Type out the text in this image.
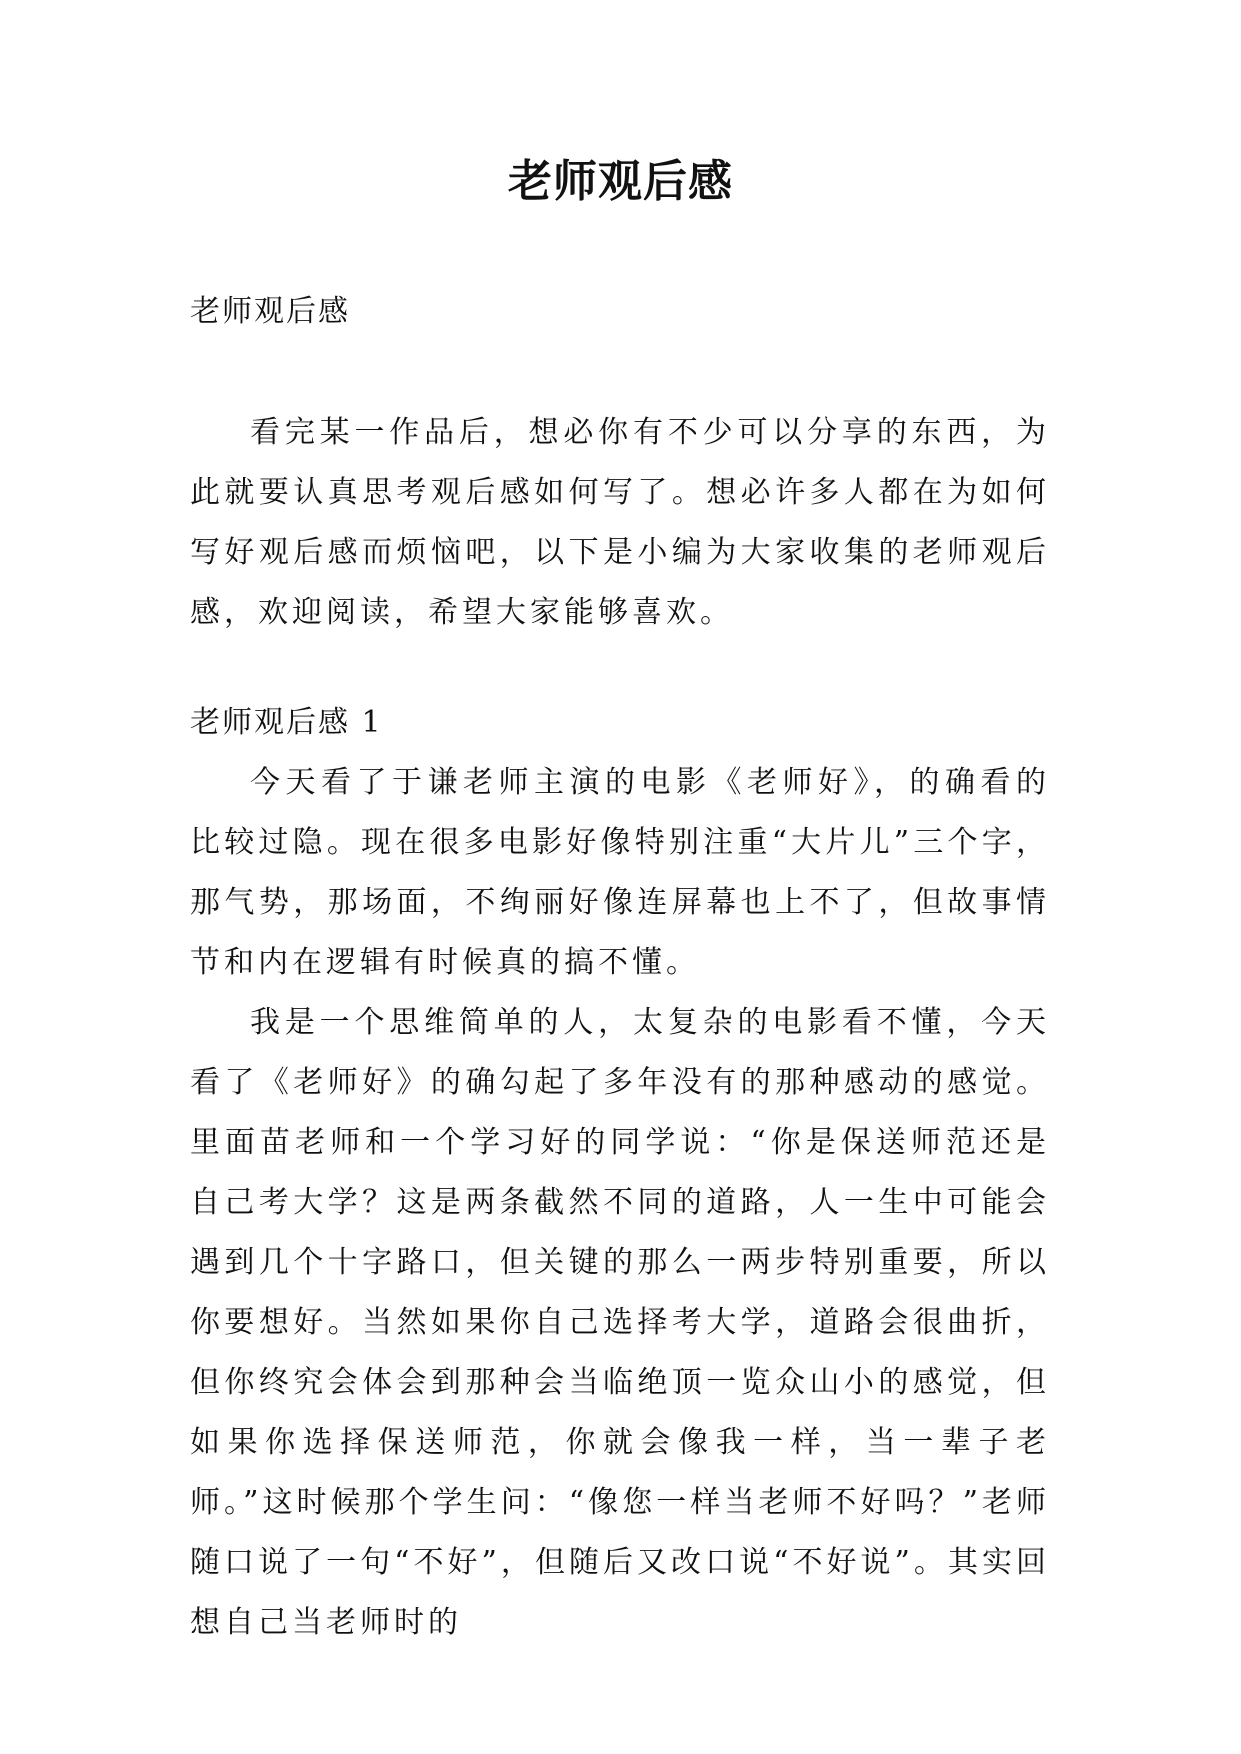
老师观后感
老师观后感

看完某一作品后，想必你有不少可以分享的东西，为此就要认真思考观后感如何写了。想必许多人都在为如何写好观后感而烦恼吧，以下是小编为大家收集的老师观后感，欢迎阅读，希望大家能够喜欢。

老师观后感 1

今天看了于谦老师主演的电影《老师好》，的确看的比较过隐。现在很多电影好像特别注重“大片儿”三个字，那气势，那场面，不绚丽好像连屏幕也上不了，但故事情节和内在逻辑有时候真的搞不懂。

我是一个思维简单的人，太复杂的电影看不懂，今天看了《老师好》的确勾起了多年没有的那种感动的感觉。里面苗老师和一个学习好的同学说：“你是保送师范还是自己考大学？这是两条截然不同的道路，人一生中可能会遇到几个十字路口，但关键的那么一两步特别重要，所以你要想好。当然如果你自己选择考大学，道路会很曲折，但你终究会体会到那种会当临绝顶一览众山小的感觉，但如果你选择保送师范，你就会像我一样，当一辈子老师。”这时候那个学生问：“像您一样当老师不好吗？”老师随口说了一句“不好”，但随后又改口说“不好说”。其实回想自己当老师时的
